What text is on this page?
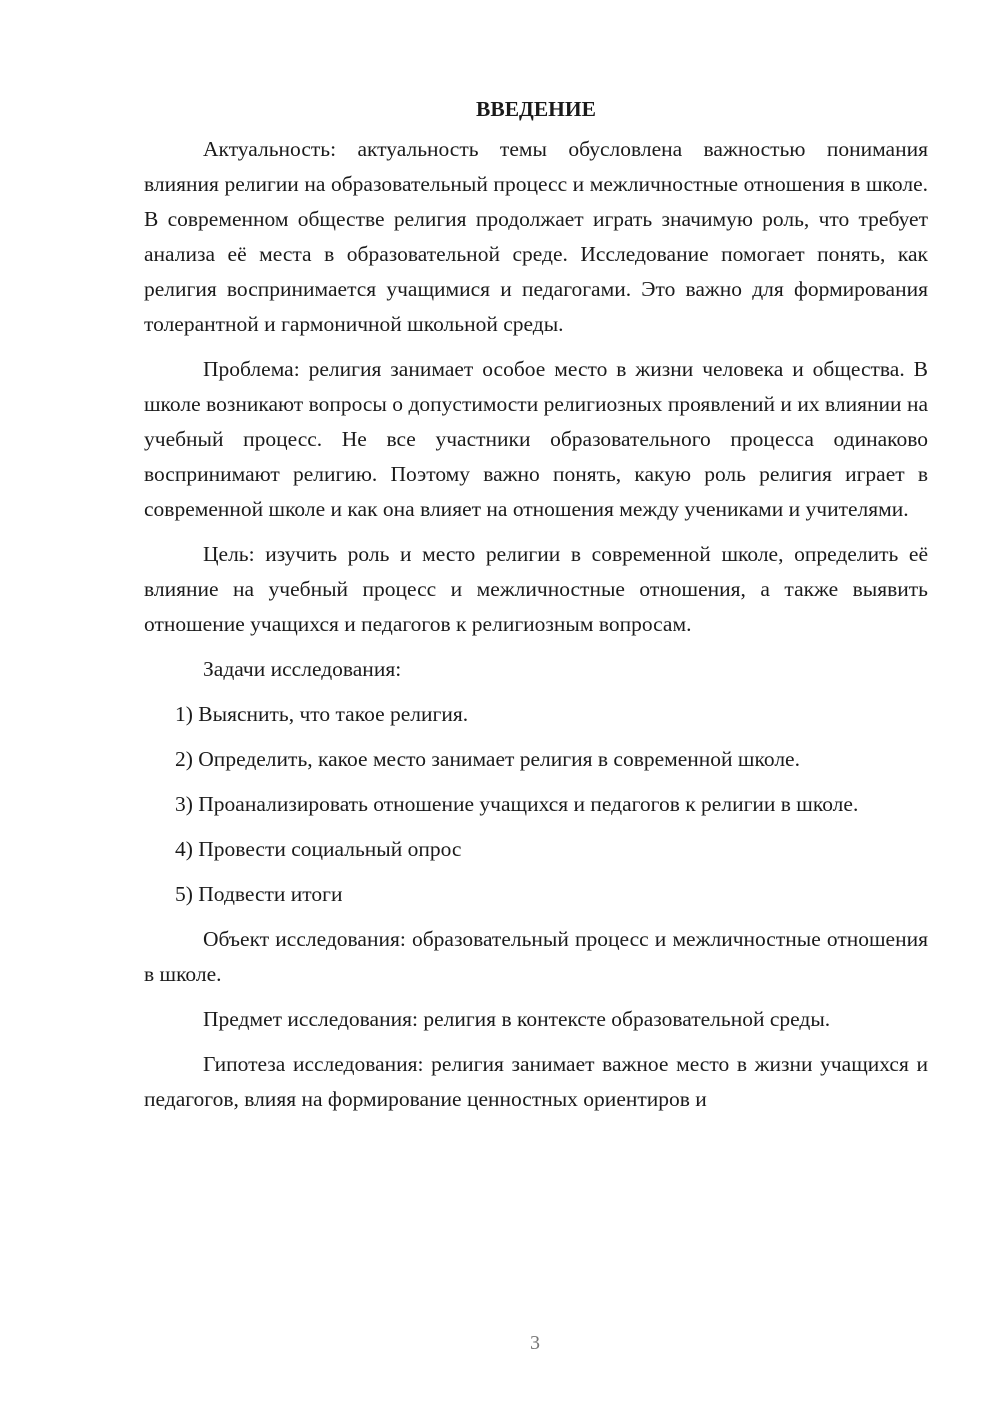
ВВЕДЕНИЕ

Актуальность: актуальность темы обусловлена важностью понимания влияния религии на образовательный процесс и межличностные отношения в школе. В современном обществе религия продолжает играть значимую роль, что требует анализа её места в образовательной среде. Исследование помогает понять, как религия воспринимается учащимися и педагогами. Это важно для формирования толерантной и гармоничной школьной среды.

Проблема: религия занимает особое место в жизни человека и общества. В школе возникают вопросы о допустимости религиозных проявлений и их влиянии на учебный процесс. Не все участники образовательного процесса одинаково воспринимают религию. Поэтому важно понять, какую роль религия играет в современной школе и как она влияет на отношения между учениками и учителями.

Цель: изучить роль и место религии в современной школе, определить её влияние на учебный процесс и межличностные отношения, а также выявить отношение учащихся и педагогов к религиозным вопросам.

Задачи исследования:

1) Выяснить, что такое религия.

2) Определить, какое место занимает религия в современной школе.

3) Проанализировать отношение учащихся и педагогов к религии в школе.

4) Провести социальный опрос

5) Подвести итоги

Объект исследования: образовательный процесс и межличностные отношения в школе.

Предмет исследования: религия в контексте образовательной среды.

Гипотеза исследования: религия занимает важное место в жизни учащихся и педагогов, влияя на формирование ценностных ориентиров и

3
